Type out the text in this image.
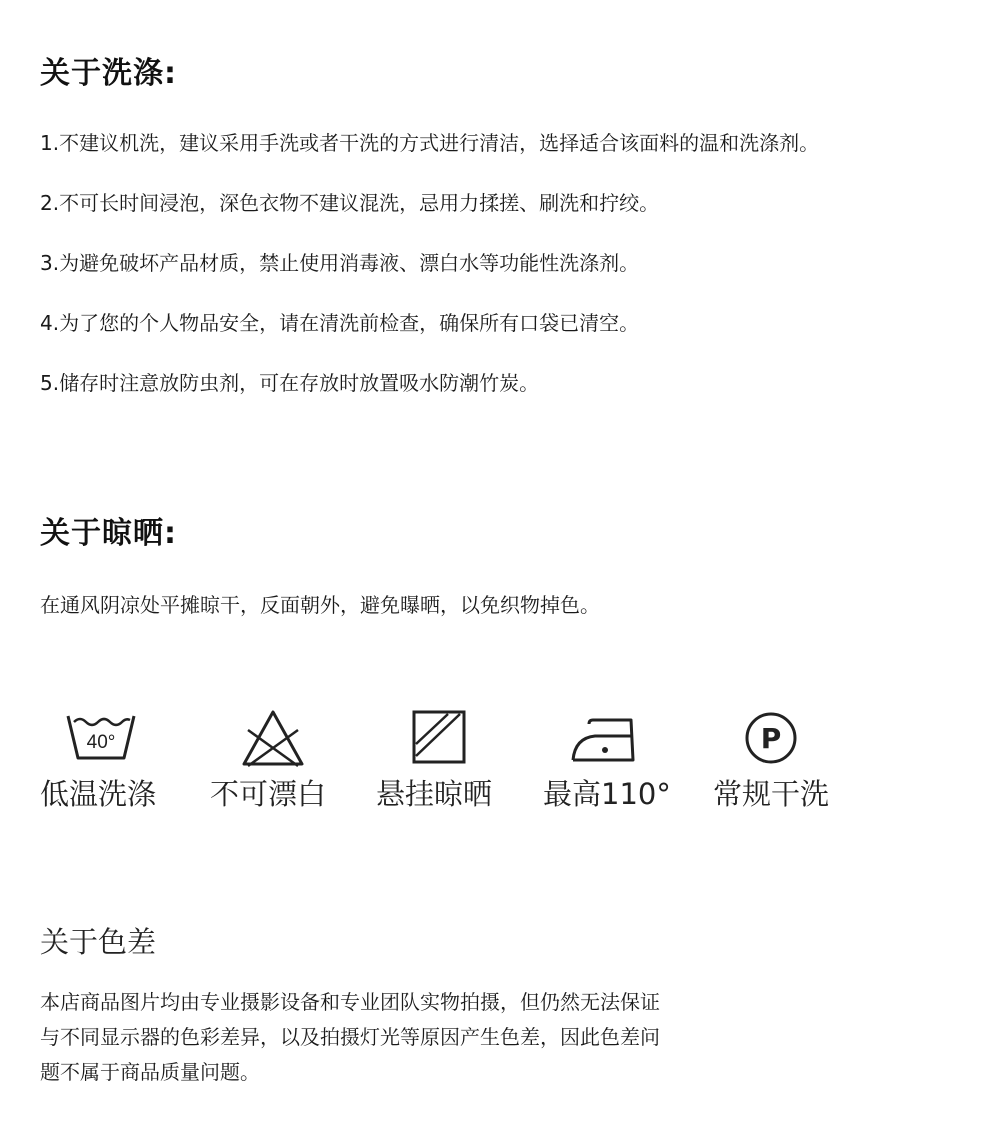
关于洗涤:
1.不建议机洗，建议采用手洗或者干洗的方式进行清洁，选择适合该面料的温和洗涤剂。
2.不可长时间浸泡，深色衣物不建议混洗，忌用力揉搓、刷洗和拧绞。
3.为避免破坏产品材质，禁止使用消毒液、漂白水等功能性洗涤剂。
4.为了您的个人物品安全，请在清洗前检查，确保所有口袋已清空。
5.储存时注意放防虫剂，可在存放时放置吸水防潮竹炭。
关于晾晒:
在通风阴凉处平摊晾干，反面朝外，避免曝晒，以免织物掉色。
40°
低温洗涤 不可漂白 悬挂晾晒 最高110°
P
常规干洗
关于色差
本店商品图片均由专业摄影设备和专业团队实物拍摄，但仍然无法保证
与不同显示器的色彩差异，以及拍摄灯光等原因产生色差，因此色差问
题不属于商品质量问题。
